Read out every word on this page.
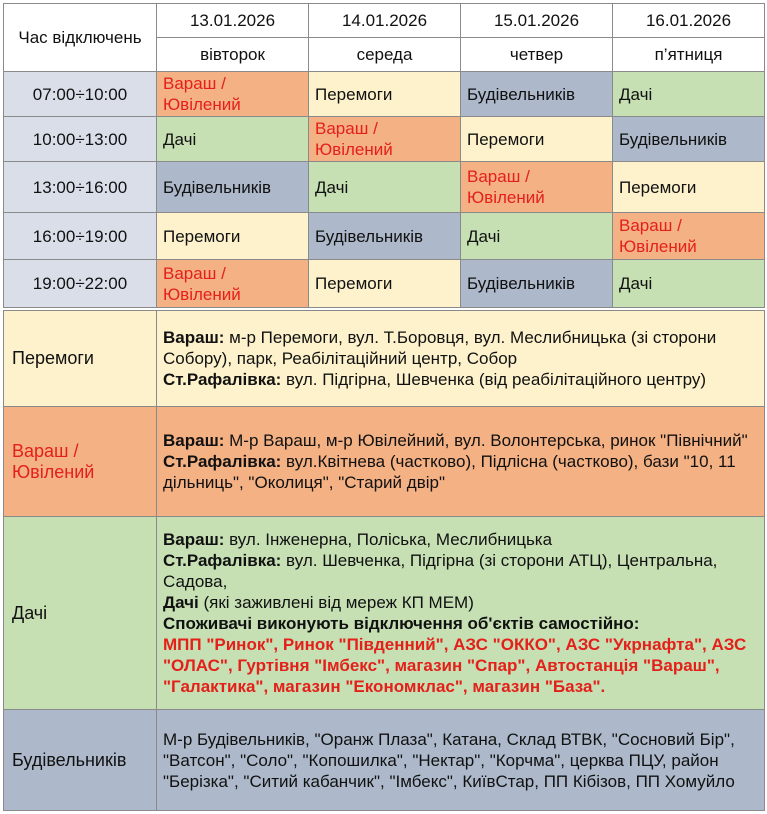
Час відключень	13.01.2026	14.01.2026	15.01.2026	16.01.2026
	вівторок	середа	четвер	п’ятниця
07:00÷10:00	Вараш / Ювілений	Перемоги	Будівельників	Дачі
10:00÷13:00	Дачі	Вараш / Ювілений	Перемоги	Будівельників
13:00÷16:00	Будівельників	Дачі	Вараш / Ювілений	Перемоги
16:00÷19:00	Перемоги	Будівельників	Дачі	Вараш / Ювілений
19:00÷22:00	Вараш / Ювілений	Перемоги	Будівельників	Дачі
Перемоги	Вараш: м-р Перемоги, вул. Т.Боровця, вул. Меслибницька (зі сторони Собору), парк, Реабілітаційний центр, Собор

Ст.Рафалівка: вул. Підгірна, Шевченка (від реабілітаційного центру)

Вараш / Ювілений	Вараш: М-р Вараш, м-р Ювілейний, вул. Волонтерська, ринок "Північний"

Ст.Рафалівка: вул.Квітнева (частково), Підлісна (частково), бази "10, 11 дільниць", "Околиця", "Старий двір"

Дачі	Вараш: вул. Інженерна, Поліська, Меслибницька

Ст.Рафалівка: вул. Шевченка, Підгірна (зі сторони АТЦ), Центральна, Садова,

Дачі (які заживлені від мереж КП МЕМ)

Споживачі виконують відключення об'єктів самостійно:

МПП "Ринок", Ринок "Південний", АЗС "ОККО", АЗС "Укрнафта", АЗС "ОЛАС", Гуртівня "Імбекс", магазин "Спар", Автостанція "Вараш", "Галактика", магазин "Економклас", магазин "База".

Будівельників	М-р Будівельників, "Оранж Плаза", Катана, Склад ВТВК, "Сосновий Бір", "Ватсон", "Соло", "Копошилка", "Нектар", "Корчма", церква ПЦУ, район "Берізка", "Ситий кабанчик", "Імбекс", КиївСтар, ПП Кібізов, ПП Хомуйло
